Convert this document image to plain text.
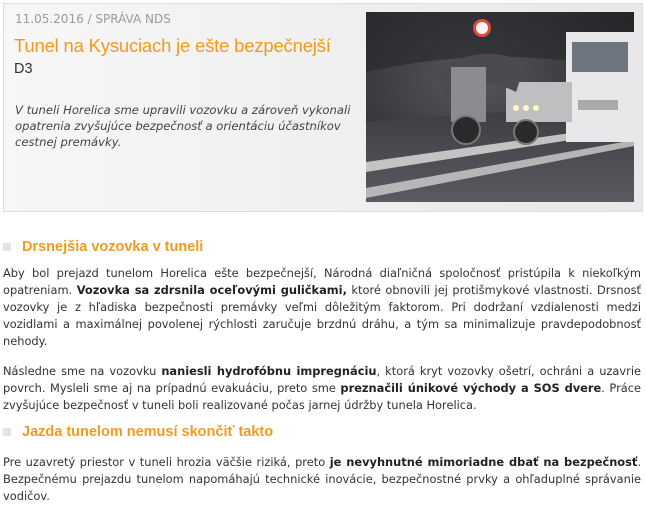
11.05.2016 / SPRÁVA NDS
Tunel na Kysuciach je ešte bezpečnejší
D3
V tuneli Horelica sme upravili vozovku a zároveň vykonali opatrenia zvyšujúce bezpečnosť a orientáciu účastníkov cestnej premávky.
Drsnejšia vozovka v tuneli

Aby bol prejazd tunelom Horelica ešte bezpečnejší, Národná diaľničná spoločnosť pristúpila k niekoľkým opatreniam. Vozovka sa zdrsnila oceľovými guličkami, ktoré obnovili jej protišmykové vlastnosti. Drsnosť vozovky je z hľadiska bezpečnosti premávky veľmi dôležitým faktorom. Pri dodržaní vzdialenosti medzi vozidlami a maximálnej povolenej rýchlosti zaručuje brzdnú dráhu, a tým sa minimalizuje pravdepodobnosť nehody.

Následne sme na vozovku naniesli hydrofóbnu impregnáciu, ktorá kryt vozovky ošetrí, ochráni a uzavrie povrch. Mysleli sme aj na prípadnú evakuáciu, preto sme preznačili únikové východy a SOS dvere. Práce zvyšujúce bezpečnosť v tuneli boli realizované počas jarnej údržby tunela Horelica.

Jazda tunelom nemusí skončiť takto

Pre uzavretý priestor v tuneli hrozia väčšie riziká, preto je nevyhnutné mimoriadne dbať na bezpečnosť. Bezpečnému prejazdu tunelom napomáhajú technické inovácie, bezpečnostné prvky a ohľaduplné správanie vodičov.
